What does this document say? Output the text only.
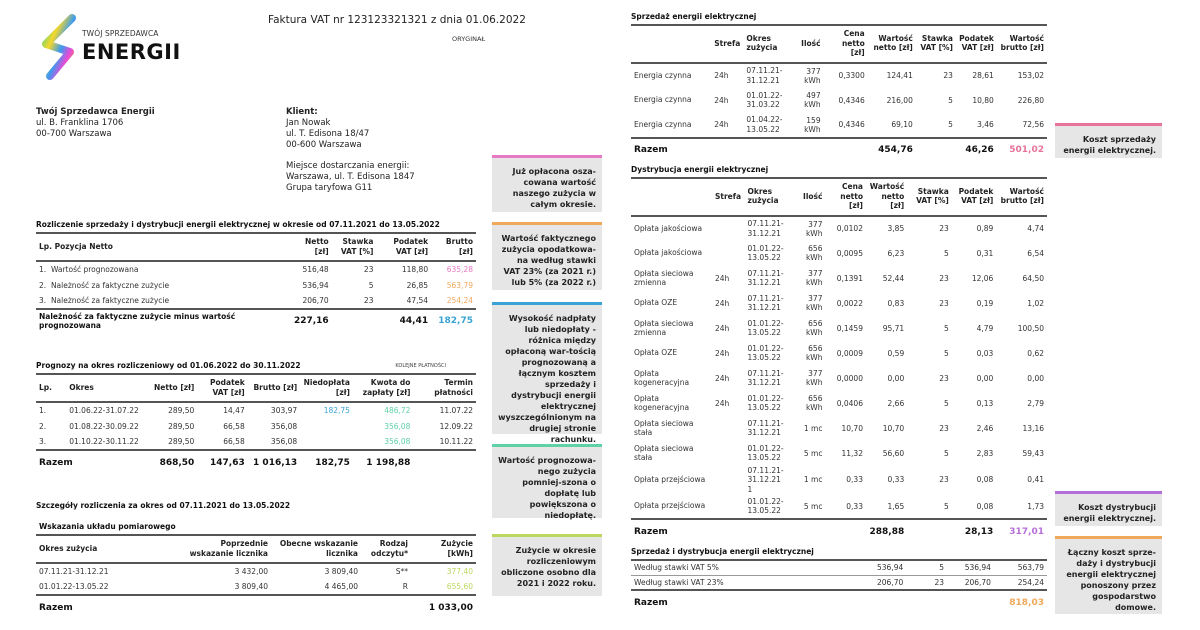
TWÓJ SPRZEDAWCA
ENERGII
Faktura VAT nr 123123321321 z dnia 01.06.2022
ORYGINAŁ
Twój Sprzedawca Energii
ul. B. Franklina 1706
00-700 Warszawa
Klient:
Jan Nowak
ul. T. Edisona 18/47
00-600 Warszawa
Miejsce dostarczania energii:
Warszawa, ul. T. Edisona 1847
Grupa taryfowa G11
Rozliczenie sprzedaży i dystrybucji energii elektrycznej w okresie od 07.11.2021 do 13.05.2022
Lp. Pozycja Netto	Netto [zł]	Stawka VAT [%]	Podatek VAT [zł]	Brutto [zł]
1. Wartość prognozowana	516,48	23	118,80	635,28
2. Należność za faktyczne zużycie	536,94	5	26,85	563,79
3. Należność za faktyczne zużycie	206,70	23	47,54	254,24
Należność za faktyczne zużycie minus wartość prognozowana	227,16		44,41	182,75
Prognozy na okres rozliczeniowy od 01.06.2022 do 30.11.2022	KOLEJNE PŁATNOŚCI
Lp.	Okres	Netto [zł]	Podatek VAT [zł]	Brutto [zł]	Niedopłata [zł]	Kwota do zapłaty [zł]	Termin płatności
1.	01.06.22-31.07.22	289,50	14,47	303,97	182,75	486,72	11.07.22
2.	01.08.22-30.09.22	289,50	66,58	356,08		356,08	12.09.22
3.	01.10.22-30.11.22	289,50	66,58	356,08		356,08	10.11.22
Razem		868,50	147,63	1 016,13	182,75	1 198,88	
Szczegóły rozliczenia za okres od 07.11.2021 do 13.05.2022
Wskazania układu pomiarowego
Okres zużycia	Poprzednie wskazanie licznika	Obecne wskazanie licznika	Rodzaj odczytu*	Zużycie [kWh]
07.11.21-31.12.21	3 432,00	3 809,40	S**	377,40
01.01.22-13.05.22	3 809,40	4 465,00	R	655,60
Razem				1 033,00
Już opłacona osza-cowana wartość naszego zużycia w całym okresie.
Wartość faktycznego zużycia opodatkowa-na według stawki VAT 23% (za 2021 r.) lub 5% (za 2022 r.)
Wysokość nadpłaty lub niedopłaty - różnica między opłaconą war-tością prognozowaną a łącznym kosztem sprzedaży i dystrybucji energii elektrycznej wyszczególnionym na drugiej stronie rachunku.
Wartość prognozowa-nego zużycia pomniej-szona o dopłatę lub powiększona o niedopłatę.
Zużycie w okresie rozliczeniowym obliczone osobno dla 2021 i 2022 roku.
Sprzedaż energii elektrycznej
	Strefa	Okres zużycia	Ilość	Cena netto [zł]	Wartość netto [zł]	Stawka VAT [%]	Podatek VAT [zł]	Wartość brutto [zł]
Energia czynna	24h	07.11.21-31.12.21	377 kWh	0,3300	124,41	23	28,61	153,02
Energia czynna	24h	01.01.22-31.03.22	497 kWh	0,4346	216,00	5	10,80	226,80
Energia czynna	24h	01.04.22-13.05.22	159 kWh	0,4346	69,10	5	3,46	72,56
Razem					454,76		46,26	501,02
Dystrybucja energii elektrycznej
	Strefa	Okres zużycia	Ilość	Cena netto [zł]	Wartość netto [zł]	Stawka VAT [%]	Podatek VAT [zł]	Wartość brutto [zł]
Opłata jakościowa		07.11.21-31.12.21	377 kWh	0,0102	3,85	23	0,89	4,74
Opłata jakościowa		01.01.22-13.05.22	656 kWh	0,0095	6,23	5	0,31	6,54
Opłata sieciowa zmienna	24h	07.11.21-31.12.21	377 kWh	0,1391	52,44	23	12,06	64,50
Opłata OZE	24h	07.11.21-31.12.21	377 kWh	0,0022	0,83	23	0,19	1,02
Opłata sieciowa zmienna	24h	01.01.22-13.05.22	656 kWh	0,1459	95,71	5	4,79	100,50
Opłata OZE	24h	01.01.22-13.05.22	656 kWh	0,0009	0,59	5	0,03	0,62
Opłata kogeneracyjna	24h	07.11.21-31.12.21	377 kWh	0,0000	0,00	23	0,00	0,00
Opłata kogeneracyjna	24h	01.01.22-13.05.22	656 kWh	0,0406	2,66	5	0,13	2,79
Opłata sieciowa stała		07.11.21-31.12.21	1 mc	10,70	10,70	23	2,46	13,16
Opłata sieciowa stała		01.01.22-13.05.22	5 mc	11,32	56,60	5	2,83	59,43
Opłata przejściowa		07.11.21-31.12.21 1	1 mc	0,33	0,33	23	0,08	0,41
Opłata przejściowa		01.01.22-13.05.22	5 mc	0,33	1,65	5	0,08	1,73
Razem					288,88		28,13	317,01
Sprzedaż i dystrybucja energii elektrycznej
Według stawki VAT 5%	536,94	5	536,94	563,79
Według stawki VAT 23%	206,70	23	206,70	254,24
Razem				818,03
Koszt sprzedaży energii elektrycznej.
Koszt dystrybucji energii elektrycznej.
Łączny koszt sprze-daży i dystrybucji energii elektrycznej ponoszony przez gospodarstwo domowe.
